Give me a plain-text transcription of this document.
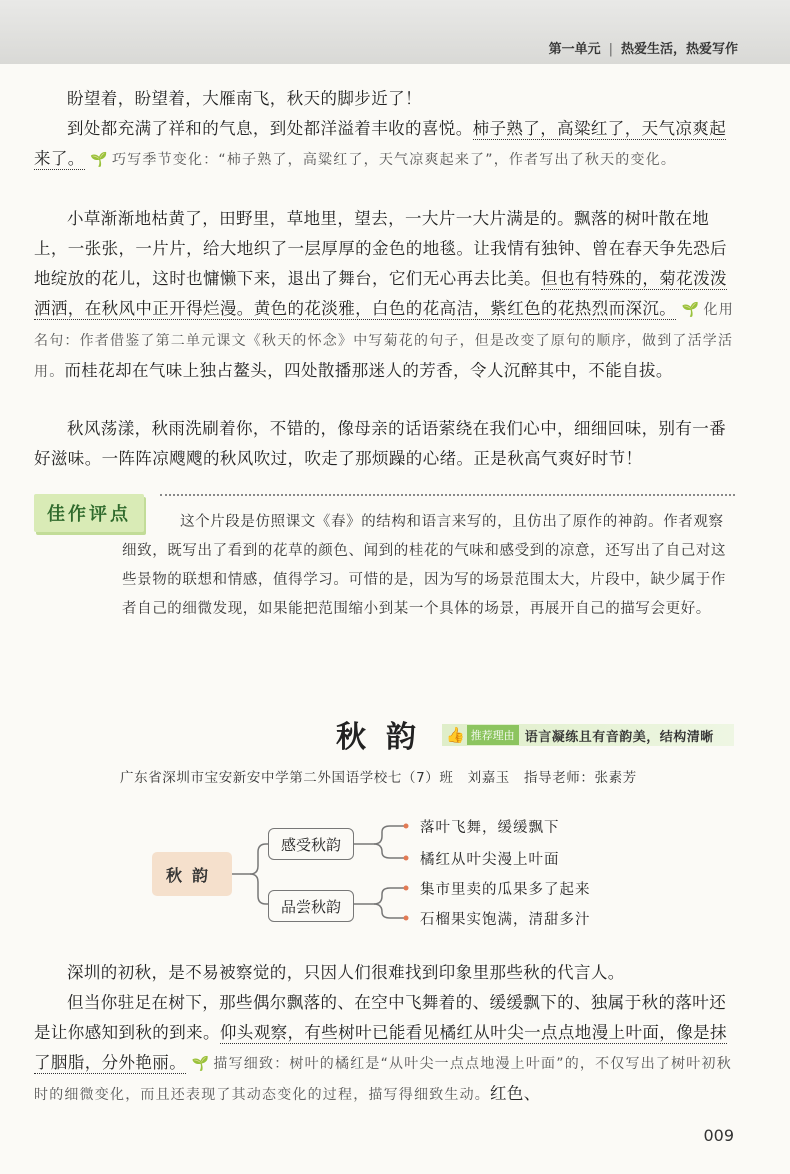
第一单元 | 热爱生活，热爱写作

盼望着，盼望着，大雁南飞，秋天的脚步近了！

到处都充满了祥和的气息，到处都洋溢着丰收的喜悦。柿子熟了，高粱红了，天气凉爽起来了。 🌱 巧写季节变化：“柿子熟了，高粱红了，天气凉爽起来了”，作者写出了秋天的变化。

小草渐渐地枯黄了，田野里，草地里，望去，一大片一大片满是的。飘落的树叶散在地上，一张张，一片片，给大地织了一层厚厚的金色的地毯。让我情有独钟、曾在春天争先恐后地绽放的花儿，这时也慵懒下来，退出了舞台，它们无心再去比美。但也有特殊的，菊花泼泼洒洒，在秋风中正开得烂漫。黄色的花淡雅，白色的花高洁，紫红色的花热烈而深沉。 🌱 化用名句：作者借鉴了第二单元课文《秋天的怀念》中写菊花的句子，但是改变了原句的顺序，做到了活学活用。而桂花却在气味上独占鳌头，四处散播那迷人的芳香，令人沉醉其中，不能自拔。

秋风荡漾，秋雨洗刷着你，不错的，像母亲的话语萦绕在我们心中，细细回味，别有一番好滋味。一阵阵凉飕飕的秋风吹过，吹走了那烦躁的心绪。正是秋高气爽好时节！

佳作评点	这个片段是仿照课文《春》的结构和语言来写的，且仿出了原作的神韵。作者观察细致，既写出了看到的花草的颜色、闻到的桂花的气味和感受到的凉意，还写出了自己对这些景物的联想和情感，值得学习。可惜的是，因为写的场景范围太大，片段中，缺少属于作者自己的细微发现，如果能把范围缩小到某一个具体的场景，再展开自己的描写会更好。

秋韵 👍 推荐理由 语言凝练且有音韵美，结构清晰
广东省深圳市宝安新安中学第二外国语学校七（7）班　刘嘉玉　指导老师：张素芳
秋韵
感受秋韵
品尝秋韵
落叶飞舞，缓缓飘下
橘红从叶尖漫上叶面
集市里卖的瓜果多了起来
石榴果实饱满，清甜多汁

深圳的初秋，是不易被察觉的，只因人们很难找到印象里那些秋的代言人。

但当你驻足在树下，那些偶尔飘落的、在空中飞舞着的、缓缓飘下的、独属于秋的落叶还是让你感知到秋的到来。仰头观察，有些树叶已能看见橘红从叶尖一点点地漫上叶面，像是抹了胭脂，分外艳丽。 🌱 描写细致：树叶的橘红是“从叶尖一点点地漫上叶面”的，不仅写出了树叶初秋时的细微变化，而且还表现了其动态变化的过程，描写得细致生动。红色、

009
